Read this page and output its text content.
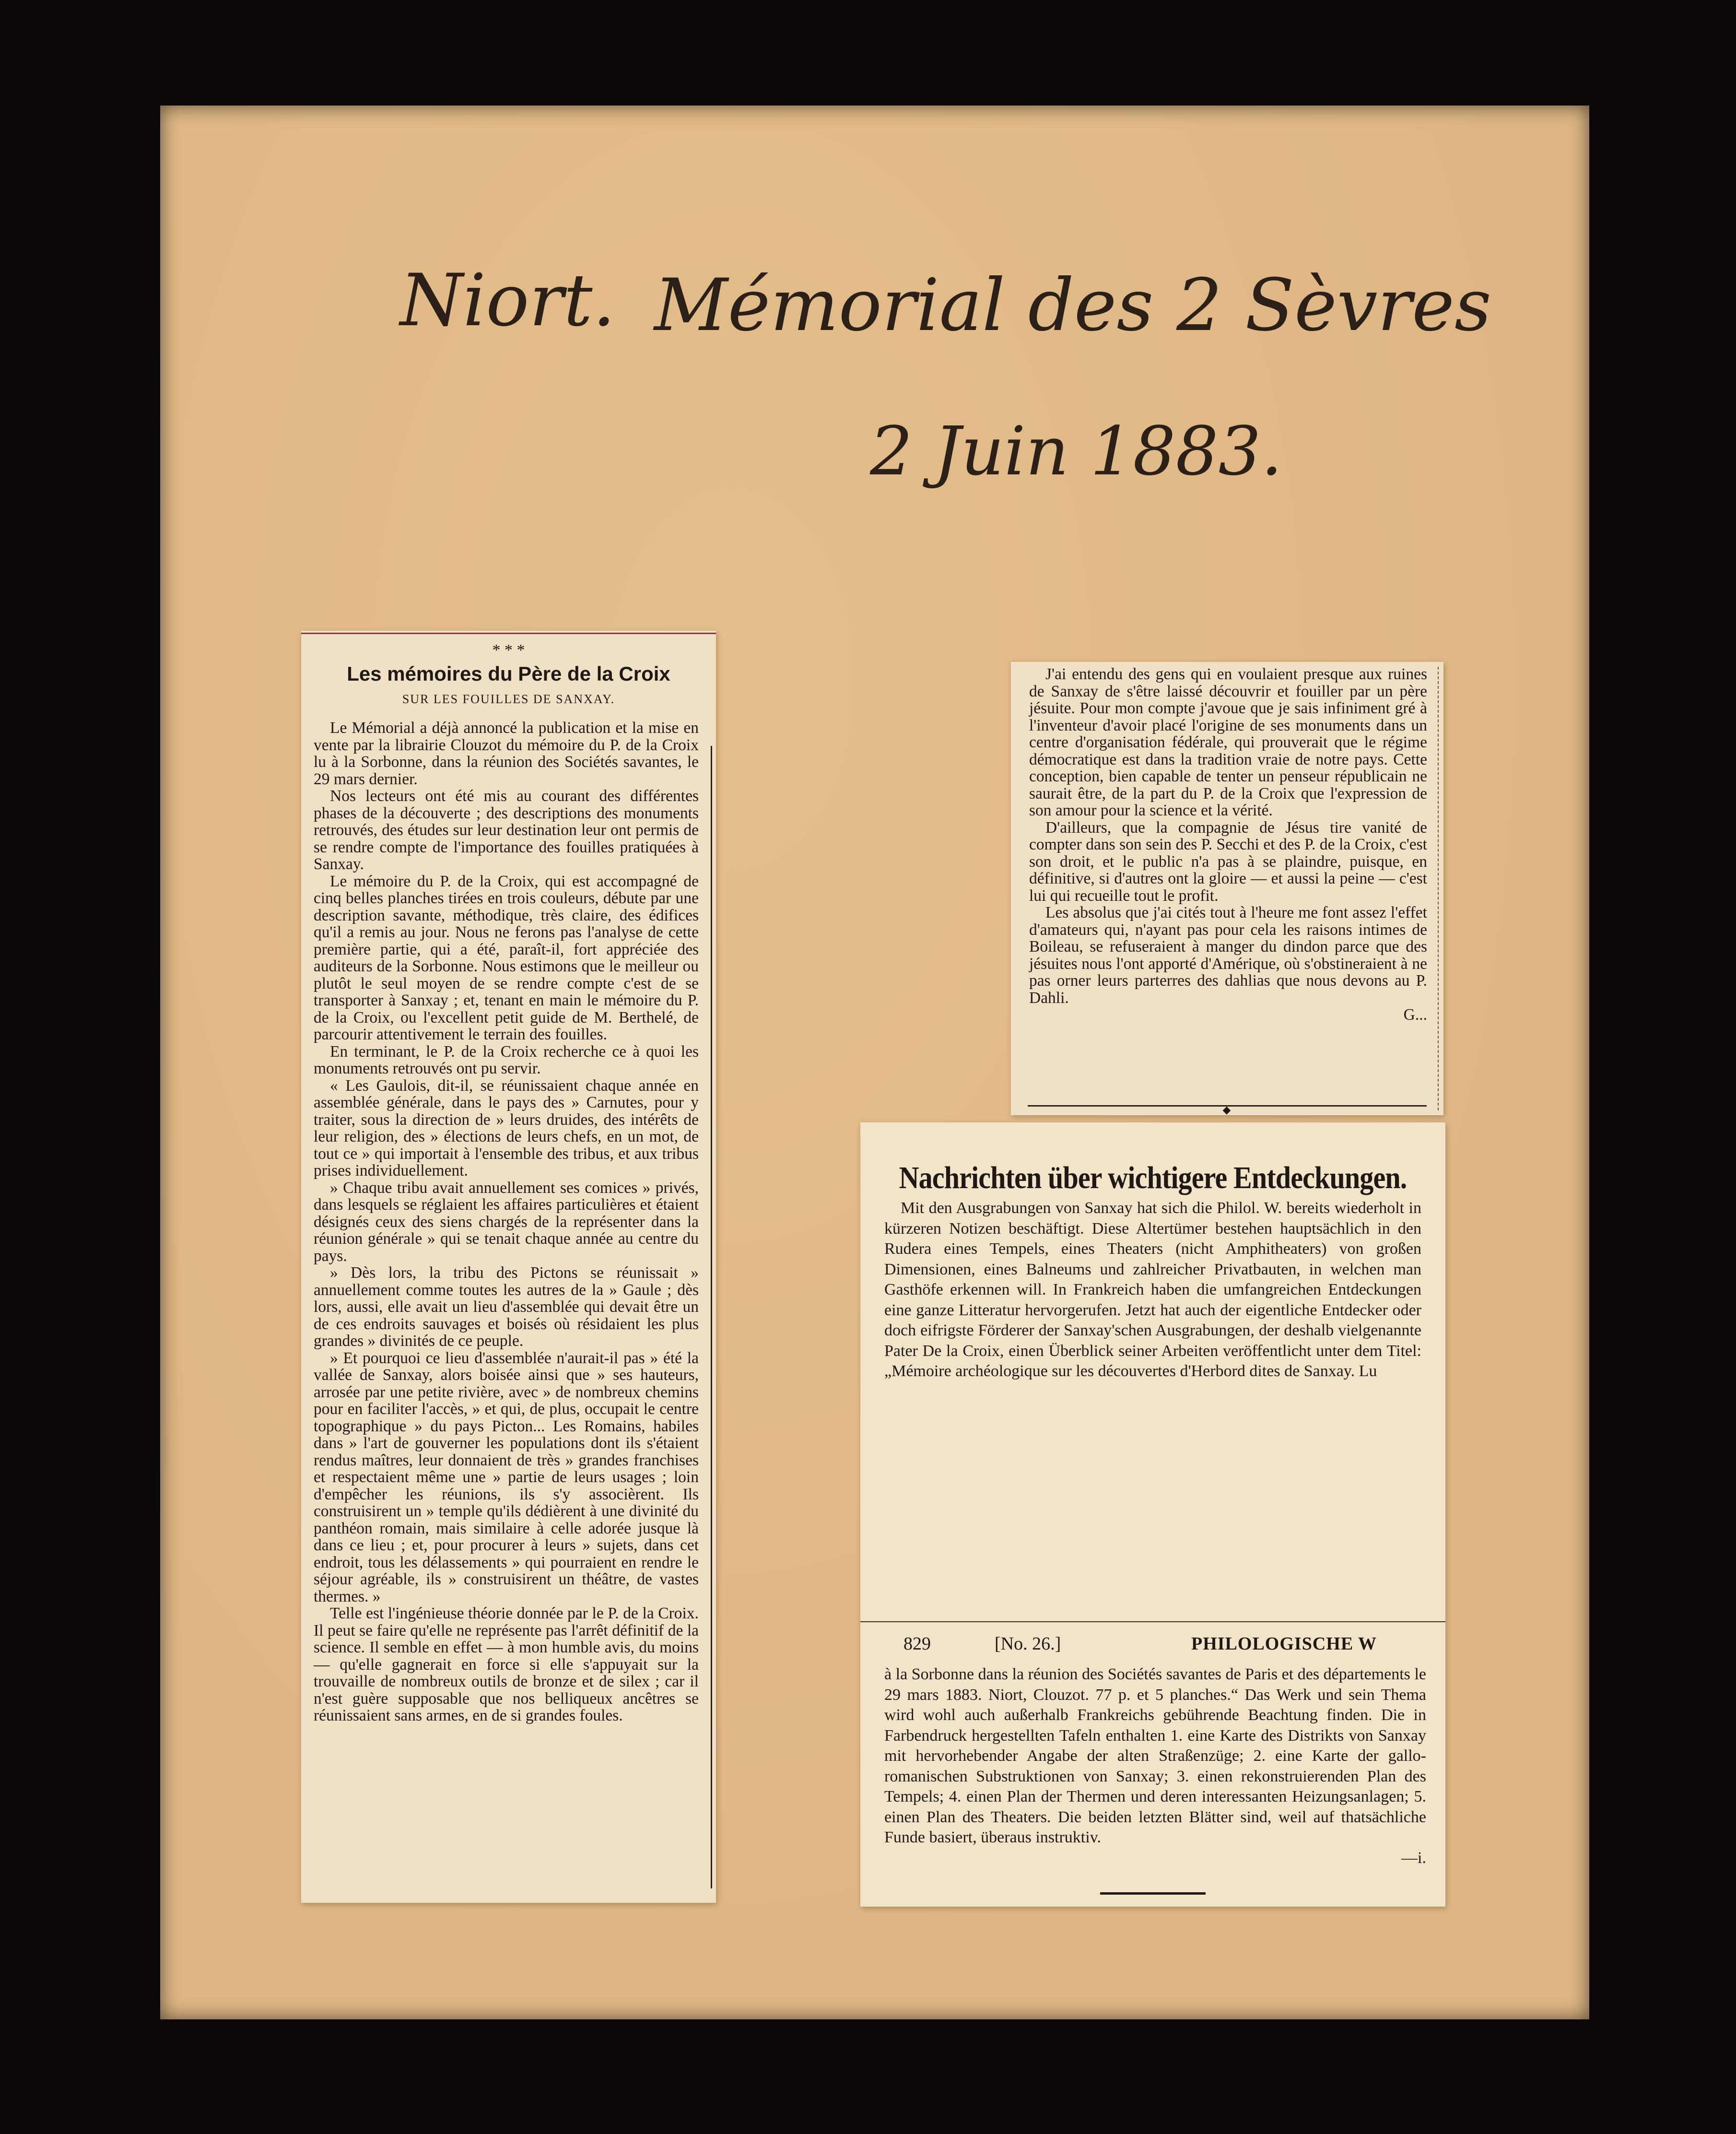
Niort. Mémorial des 2 Sèvres
2 Juin 1883.
* * *
Les mémoires du Père de la Croix
SUR LES FOUILLES DE SANXAY.

Le Mémorial a déjà annoncé la publication et la mise en vente par la librairie Clouzot du mémoire du P. de la Croix lu à la Sorbonne, dans la réunion des Sociétés savantes, le 29 mars dernier.

Nos lecteurs ont été mis au courant des différentes phases de la découverte ; des descriptions des monuments retrouvés, des études sur leur destination leur ont permis de se rendre compte de l'importance des fouilles pratiquées à Sanxay.

Le mémoire du P. de la Croix, qui est accompagné de cinq belles planches tirées en trois couleurs, débute par une description savante, méthodique, très claire, des édifices qu'il a remis au jour. Nous ne ferons pas l'analyse de cette première partie, qui a été, paraît-il, fort appréciée des auditeurs de la Sorbonne. Nous estimons que le meilleur ou plutôt le seul moyen de se rendre compte c'est de se transporter à Sanxay ; et, tenant en main le mémoire du P. de la Croix, ou l'excellent petit guide de M. Berthelé, de parcourir attentivement le terrain des fouilles.

En terminant, le P. de la Croix recherche ce à quoi les monuments retrouvés ont pu servir.

« Les Gaulois, dit-il, se réunissaient chaque année en assemblée générale, dans le pays des » Carnutes, pour y traiter, sous la direction de » leurs druides, des intérêts de leur religion, des » élections de leurs chefs, en un mot, de tout ce » qui importait à l'ensemble des tribus, et aux tribus prises individuellement.

» Chaque tribu avait annuellement ses comices » privés, dans lesquels se réglaient les affaires particulières et étaient désignés ceux des siens chargés de la représenter dans la réunion générale » qui se tenait chaque année au centre du pays.

» Dès lors, la tribu des Pictons se réunissait » annuellement comme toutes les autres de la » Gaule ; dès lors, aussi, elle avait un lieu d'assemblée qui devait être un de ces endroits sauvages et boisés où résidaient les plus grandes » divinités de ce peuple.

» Et pourquoi ce lieu d'assemblée n'aurait-il pas » été la vallée de Sanxay, alors boisée ainsi que » ses hauteurs, arrosée par une petite rivière, avec » de nombreux chemins pour en faciliter l'accès, » et qui, de plus, occupait le centre topographique » du pays Picton... Les Romains, habiles dans » l'art de gouverner les populations dont ils s'étaient rendus maîtres, leur donnaient de très » grandes franchises et respectaient même une » partie de leurs usages ; loin d'empêcher les réunions, ils s'y associèrent. Ils construisirent un » temple qu'ils dédièrent à une divinité du panthéon romain, mais similaire à celle adorée jusque là dans ce lieu ; et, pour procurer à leurs » sujets, dans cet endroit, tous les délassements » qui pourraient en rendre le séjour agréable, ils » construisirent un théâtre, de vastes thermes. »

Telle est l'ingénieuse théorie donnée par le P. de la Croix. Il peut se faire qu'elle ne représente pas l'arrêt définitif de la science. Il semble en effet — à mon humble avis, du moins — qu'elle gagnerait en force si elle s'appuyait sur la trouvaille de nombreux outils de bronze et de silex ; car il n'est guère supposable que nos belliqueux ancêtres se réunissaient sans armes, en de si grandes foules.

J'ai entendu des gens qui en voulaient presque aux ruines de Sanxay de s'être laissé découvrir et fouiller par un père jésuite. Pour mon compte j'avoue que je sais infiniment gré à l'inventeur d'avoir placé l'origine de ses monuments dans un centre d'organisation fédérale, qui prouverait que le régime démocratique est dans la tradition vraie de notre pays. Cette conception, bien capable de tenter un penseur républicain ne saurait être, de la part du P. de la Croix que l'expression de son amour pour la science et la vérité.

D'ailleurs, que la compagnie de Jésus tire vanité de compter dans son sein des P. Secchi et des P. de la Croix, c'est son droit, et le public n'a pas à se plaindre, puisque, en définitive, si d'autres ont la gloire — et aussi la peine — c'est lui qui recueille tout le profit.

Les absolus que j'ai cités tout à l'heure me font assez l'effet d'amateurs qui, n'ayant pas pour cela les raisons intimes de Boileau, se refuseraient à manger du dindon parce que des jésuites nous l'ont apporté d'Amérique, où s'obstineraient à ne pas orner leurs parterres des dahlias que nous devons au P. Dahli.

G...
◆
Nachrichten über wichtigere Entdeckungen.

Mit den Ausgrabungen von Sanxay hat sich die Philol. W. bereits wiederholt in kürzeren Notizen beschäftigt. Diese Altertümer bestehen hauptsächlich in den Rudera eines Tempels, eines Theaters (nicht Amphitheaters) von großen Dimensionen, eines Balneums und zahlreicher Privatbauten, in welchen man Gasthöfe erkennen will. In Frankreich haben die umfangreichen Entdeckungen eine ganze Litteratur hervorgerufen. Jetzt hat auch der eigentliche Entdecker oder doch eifrigste Förderer der Sanxay'schen Ausgrabungen, der deshalb vielgenannte Pater De la Croix, einen Überblick seiner Arbeiten veröffentlicht unter dem Titel: „Mémoire archéologique sur les découvertes d'Herbord dites de Sanxay. Lu

829	[No. 26.]	PHILOLOGISCHE W

à la Sorbonne dans la réunion des Sociétés savantes de Paris et des départements le 29 mars 1883. Niort, Clouzot. 77 p. et 5 planches.“ Das Werk und sein Thema wird wohl auch außerhalb Frankreichs gebührende Beachtung finden. Die in Farbendruck hergestellten Tafeln enthalten 1. eine Karte des Distrikts von Sanxay mit hervorhebender Angabe der alten Straßenzüge; 2. eine Karte der gallo-romanischen Substruktionen von Sanxay; 3. einen rekonstruierenden Plan des Tempels; 4. einen Plan der Thermen und deren interessanten Heizungsanlagen; 5. einen Plan des Theaters. Die beiden letzten Blätter sind, weil auf thatsächliche Funde basiert, überaus instruktiv.

—i.
